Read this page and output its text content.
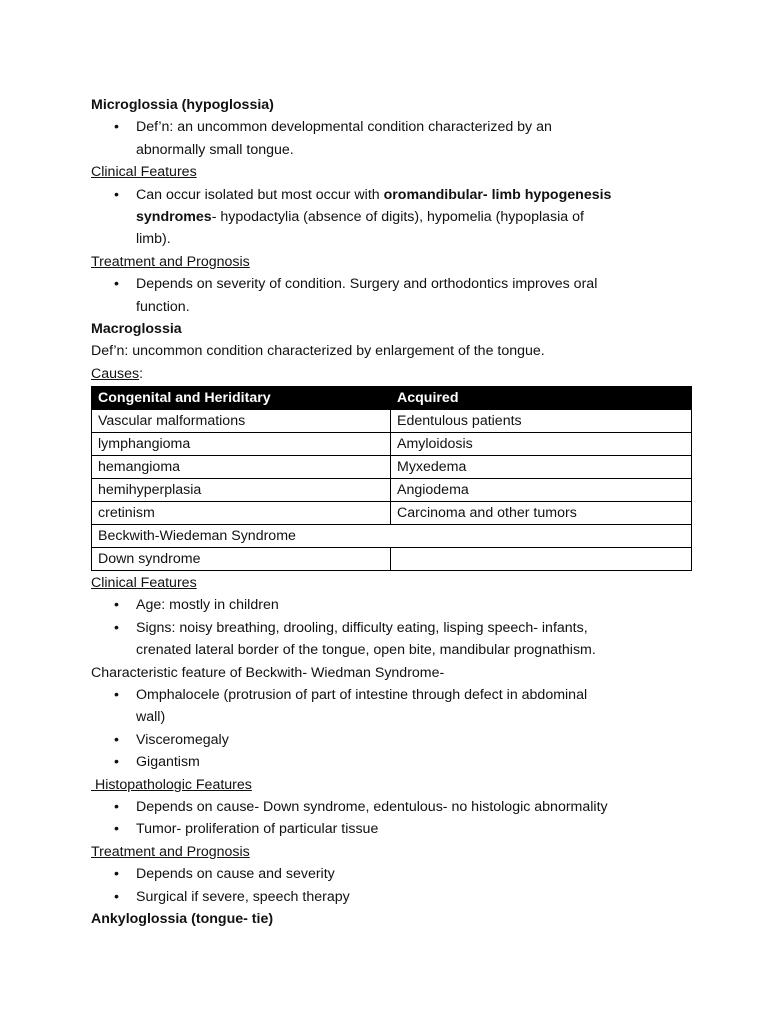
Microglossia (hypoglossia)
• Def’n: an uncommon developmental condition characterized by an
abnormally small tongue.
Clinical Features
• Can occur isolated but most occur with oromandibular- limb hypogenesis
syndromes- hypodactylia (absence of digits), hypomelia (hypoplasia of
limb).
Treatment and Prognosis
• Depends on severity of condition. Surgery and orthodontics improves oral
function.
Macroglossia
Def’n: uncommon condition characterized by enlargement of the tongue.
Causes:
Congenital and Heriditary	Acquired
Vascular malformations	Edentulous patients
lymphangioma	Amyloidosis
hemangioma	Myxedema
hemihyperplasia	Angiodema
cretinism	Carcinoma and other tumors
Beckwith-Wiedeman Syndrome	
Down syndrome	
Clinical Features
• Age: mostly in children
• Signs: noisy breathing, drooling, difficulty eating, lisping speech- infants,
crenated lateral border of the tongue, open bite, mandibular prognathism.
Characteristic feature of Beckwith- Wiedman Syndrome-
• Omphalocele (protrusion of part of intestine through defect in abdominal
wall)
• Visceromegaly
• Gigantism
Histopathologic Features
• Depends on cause- Down syndrome, edentulous- no histologic abnormality
• Tumor- proliferation of particular tissue
Treatment and Prognosis
• Depends on cause and severity
• Surgical if severe, speech therapy
Ankyloglossia (tongue- tie)
